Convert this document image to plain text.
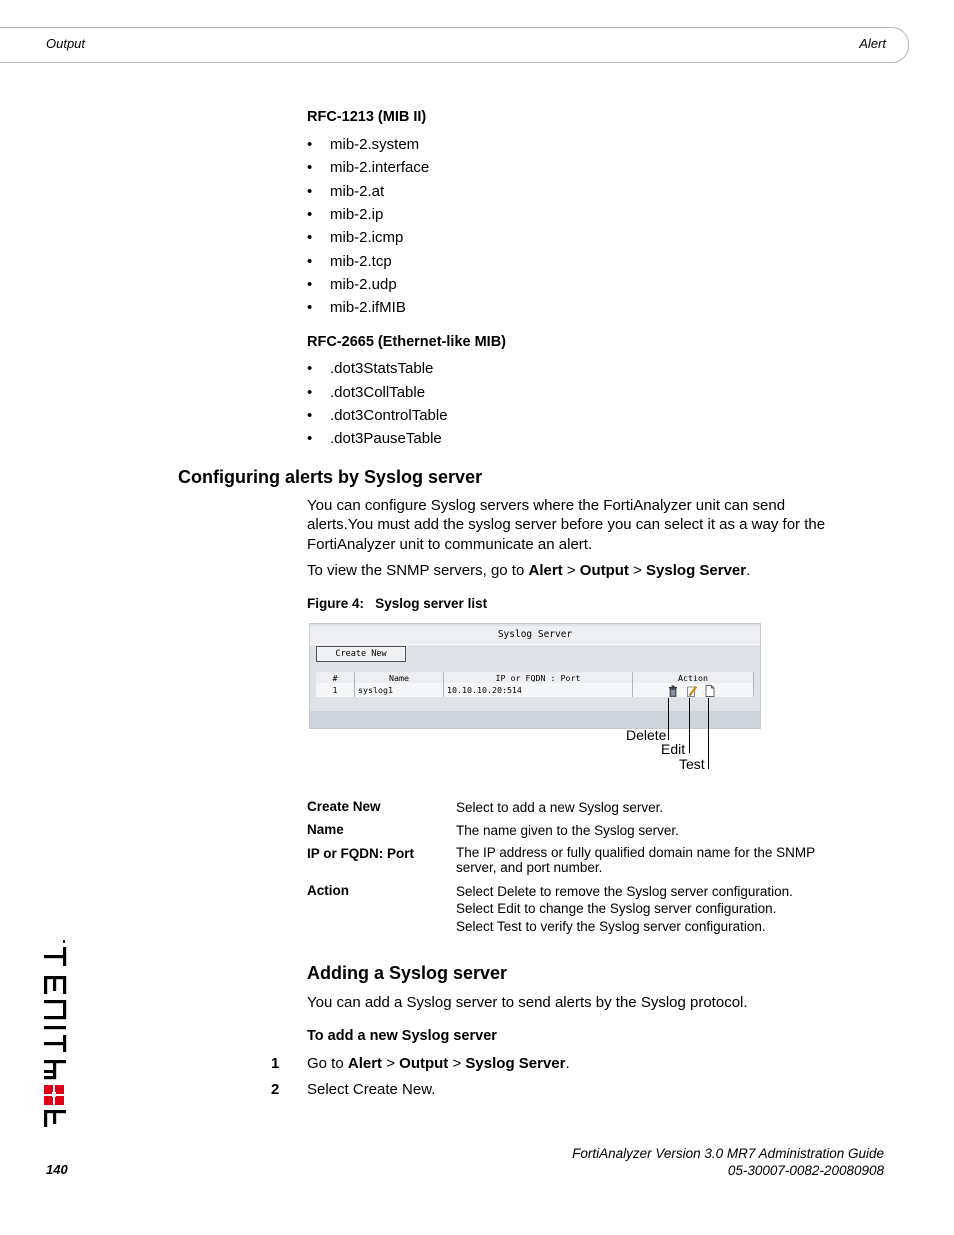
Output	Alert
RFC-1213 (MIB II)
• mib-2.system
• mib-2.interface
• mib-2.at
• mib-2.ip
• mib-2.icmp
• mib-2.tcp
• mib-2.udp
• mib-2.ifMIB
RFC-2665 (Ethernet-like MIB)
• .dot3StatsTable
• .dot3CollTable
• .dot3ControlTable
• .dot3PauseTable
Configuring alerts by Syslog server
You can configure Syslog servers where the FortiAnalyzer unit can send alerts.You must add the syslog server before you can select it as a way for the FortiAnalyzer unit to communicate an alert.
To view the SNMP servers, go to Alert > Output > Syslog Server.
Figure 4:   Syslog server list
Syslog Server
Create New
#	Name	IP or FQDN : Port	Action
1	syslog1	10.10.10.20:514	
Delete
Edit
Test
Create New	Select to add a new Syslog server.
Name	The name given to the Syslog server.
IP or FQDN: Port	The IP address or fully qualified domain name for the SNMP
server, and port number.
Action	Select Delete to remove the Syslog server configuration.
Select Edit to change the Syslog server configuration.
Select Test to verify the Syslog server configuration.
Adding a Syslog server
You can add a Syslog server to send alerts by the Syslog protocol.
To add a new Syslog server
1 Go to Alert > Output > Syslog Server.
2 Select Create New.
140
FortiAnalyzer Version 3.0 MR7 Administration Guide
05-30007-0082-20080908
